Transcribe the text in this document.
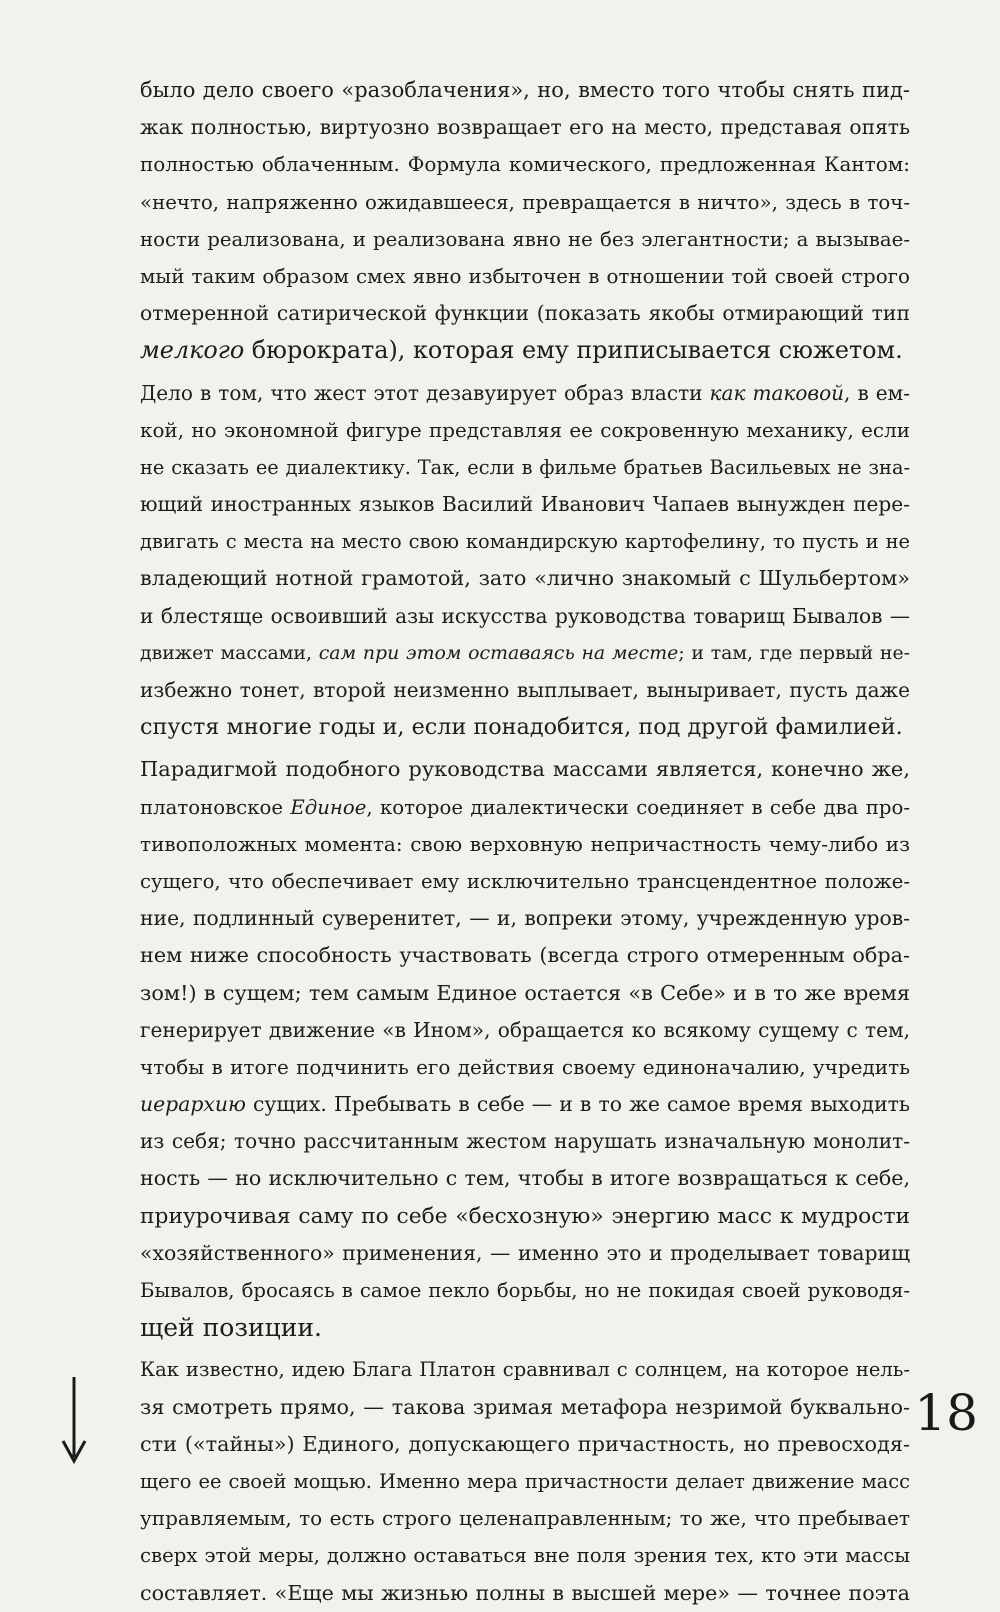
было дело своего «разоблачения», но, вместо того чтобы снять пид-
жак полностью, виртуозно возвращает его на место, представая опять
полностью облаченным. Формула комического, предложенная Кантом:
«нечто, напряженно ожидавшееся, превращается в ничто», здесь в точ-
ности реализована, и реализована явно не без элегантности; а вызывае-
мый таким образом смех явно избыточен в отношении той своей строго
отмеренной сатирической функции (показать якобы отмирающий тип
мелкого бюрократа), которая ему приписывается сюжетом.
Дело в том, что жест этот дезавуирует образ власти как таковой, в ем-
кой, но экономной фигуре представляя ее сокровенную механику, если
не сказать ее диалектику. Так, если в фильме братьев Васильевых не зна-
ющий иностранных языков Василий Иванович Чапаев вынужден пере-
двигать с места на место свою командирскую картофелину, то пусть и не
владеющий нотной грамотой, зато «лично знакомый с Шульбертом»
и блестяще освоивший азы искусства руководства товарищ Бывалов —
движет массами, сам при этом оставаясь на месте; и там, где первый не-
избежно тонет, второй неизменно выплывает, выныривает, пусть даже
спустя многие годы и, если понадобится, под другой фамилией.
Парадигмой подобного руководства массами является, конечно же,
платоновское Единое, которое диалектически соединяет в себе два про-
тивоположных момента: свою верховную непричастность чему-либо из
сущего, что обеспечивает ему исключительно трансцендентное положе-
ние, подлинный суверенитет, — и, вопреки этому, учрежденную уров-
нем ниже способность участвовать (всегда строго отмеренным обра-
зом!) в сущем; тем самым Единое остается «в Себе» и в то же время
генерирует движение «в Ином», обращается ко всякому сущему с тем,
чтобы в итоге подчинить его действия своему единоначалию, учредить
иерархию сущих. Пребывать в себе — и в то же самое время выходить
из себя; точно рассчитанным жестом нарушать изначальную монолит-
ность — но исключительно с тем, чтобы в итоге возвращаться к себе,
приурочивая саму по себе «бесхозную» энергию масс к мудрости
«хозяйственного» применения, — именно это и проделывает товарищ
Бывалов, бросаясь в самое пекло борьбы, но не покидая своей руководя-
щей позиции.
Как известно, идею Блага Платон сравнивал с солнцем, на которое нель-
зя смотреть прямо, — такова зримая метафора незримой буквально-
сти («тайны») Единого, допускающего причастность, но превосходя-
щего ее своей мощью. Именно мера причастности делает движение масс
управляемым, то есть строго целенаправленным; то же, что пребывает
сверх этой меры, должно оставаться вне поля зрения тех, кто эти массы
составляет. «Еще мы жизнью полны в высшей мере» — точнее поэта
18
